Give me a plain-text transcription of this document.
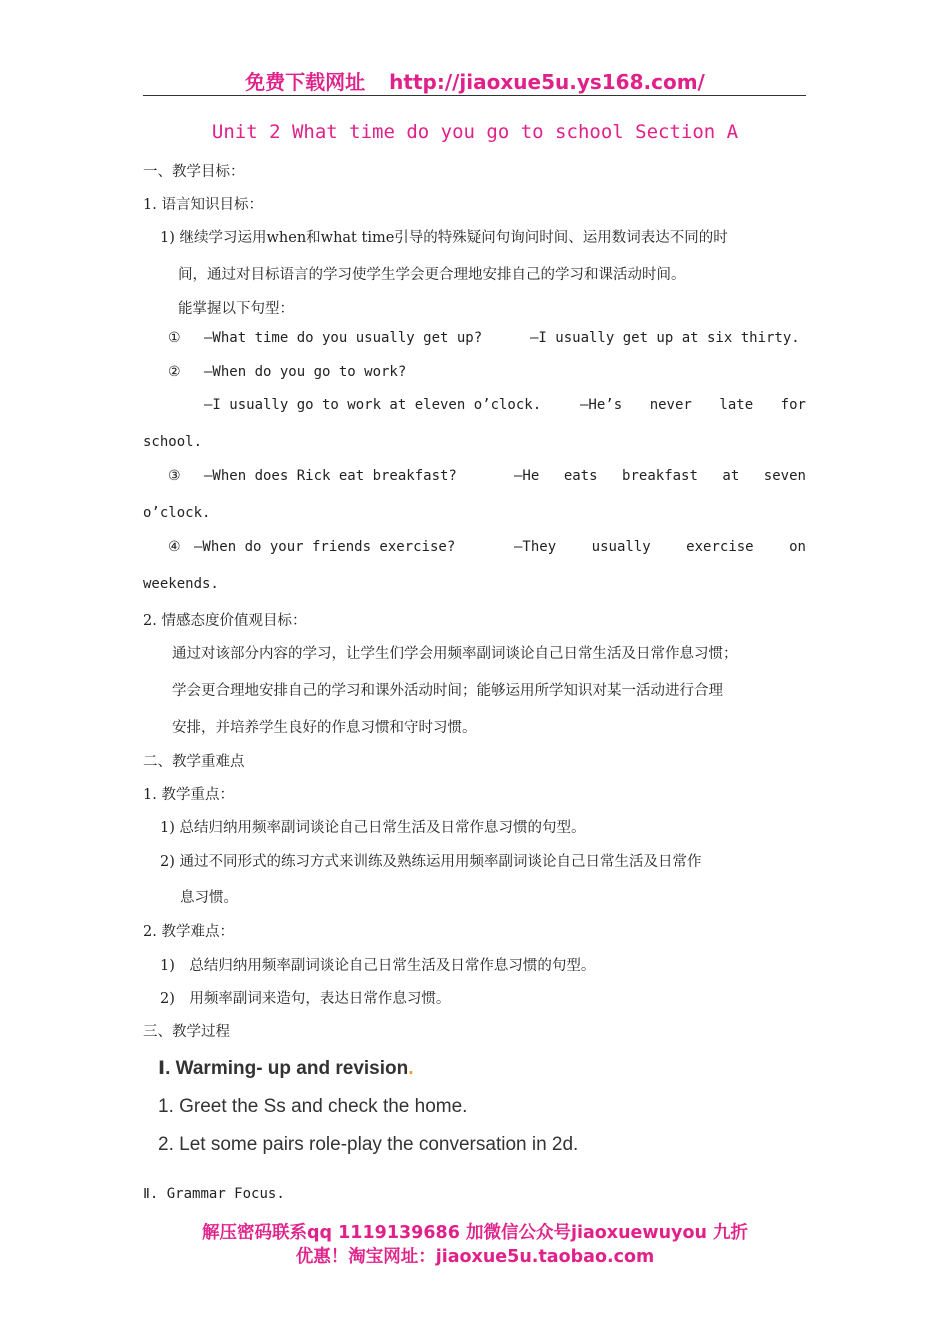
免费下载网址 http://jiaoxue5u.ys168.com/
Unit 2 What time do you go to school Section A
一、教学目标：
1. 语言知识目标：
1) 继续学习运用when和what time引导的特殊疑问句询问时间、运用数词表达不同的时
间，通过对目标语言的学习使学生学会更合理地安排自己的学习和课活动时间。
能掌握以下句型：
① —What time do you usually get up?	—I usually get up at six thirty.
② —When do you go to work?
—I usually go to work at eleven o’clock.	—He’s never late for
school.
③ —When does Rick eat breakfast?	—He eats breakfast at seven
o’clock.
④ —When do your friends exercise?	—They	usually	exercise	on
weekends.
2. 情感态度价值观目标：
通过对该部分内容的学习，让学生们学会用频率副词谈论自己日常生活及日常作息习惯；
学会更合理地安排自己的学习和课外活动时间；能够运用所学知识对某一活动进行合理
安排，并培养学生良好的作息习惯和守时习惯。
二、教学重难点
1. 教学重点：
1) 总结归纳用频率副词谈论自己日常生活及日常作息习惯的句型。
2) 通过不同形式的练习方式来训练及熟练运用用频率副词谈论自己日常生活及日常作
息习惯。
2. 教学难点：
1)　总结归纳用频率副词谈论自己日常生活及日常作息习惯的句型。
2)　用频率副词来造句，表达日常作息习惯。
三、教学过程
Ⅰ. Warming- up and revision.
1. Greet the Ss and check the home.
2. Let some pairs role-play the conversation in 2d.
Ⅱ. Grammar Focus.
解压密码联系qq 1119139686 加微信公众号jiaoxuewuyou 九折
优惠！淘宝网址：jiaoxue5u.taobao.com
